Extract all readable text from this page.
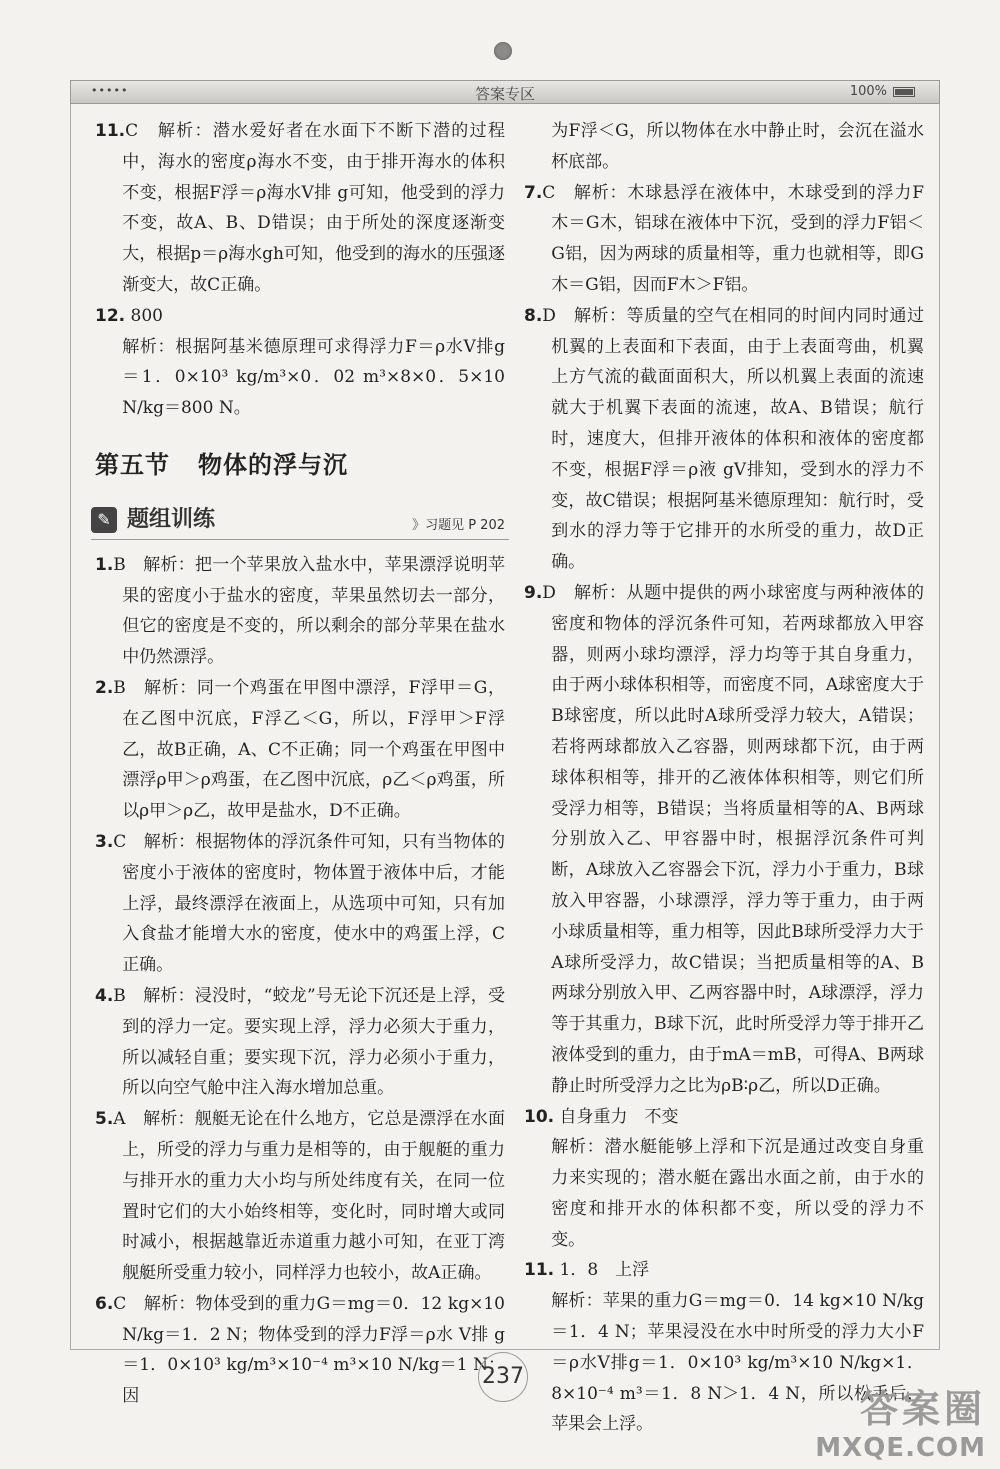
•••••	答案专区	100%

11.C　解析：潜水爱好者在水面下不断下潜的过程中，海水的密度ρ海水不变，由于排开海水的体积不变，根据F浮＝ρ海水V排 g可知，他受到的浮力不变，故A、B、D错误；由于所处的深度逐渐变大，根据p＝ρ海水gh可知，他受到的海水的压强逐渐变大，故C正确。

12. 800

解析：根据阿基米德原理可求得浮力F＝ρ水V排g＝1．0×10³ kg/m³×0．02 m³×8×0．5×10 N/kg＝800 N。

第五节 物体的浮与沉
✎ 题组训练	》习题见 P 202

1.B　解析：把一个苹果放入盐水中，苹果漂浮说明苹果的密度小于盐水的密度，苹果虽然切去一部分，但它的密度是不变的，所以剩余的部分苹果在盐水中仍然漂浮。

2.B　解析：同一个鸡蛋在甲图中漂浮，F浮甲＝G，在乙图中沉底，F浮乙＜G，所以，F浮甲＞F浮乙，故B正确，A、C不正确；同一个鸡蛋在甲图中漂浮ρ甲＞ρ鸡蛋，在乙图中沉底，ρ乙＜ρ鸡蛋，所以ρ甲＞ρ乙，故甲是盐水，D不正确。

3.C　解析：根据物体的浮沉条件可知，只有当物体的密度小于液体的密度时，物体置于液体中后，才能上浮，最终漂浮在液面上，从选项中可知，只有加入食盐才能增大水的密度，使水中的鸡蛋上浮，C正确。

4.B　解析：浸没时，“蛟龙”号无论下沉还是上浮，受到的浮力一定。要实现上浮，浮力必须大于重力，所以减轻自重；要实现下沉，浮力必须小于重力，所以向空气舱中注入海水增加总重。

5.A　解析：舰艇无论在什么地方，它总是漂浮在水面上，所受的浮力与重力是相等的，由于舰艇的重力与排开水的重力大小均与所处纬度有关，在同一位置时它们的大小始终相等，变化时，同时增大或同时减小，根据越靠近赤道重力越小可知，在亚丁湾舰艇所受重力较小，同样浮力也较小，故A正确。

6.C　解析：物体受到的重力G＝mg＝0．12 kg×10 N/kg＝1．2 N；物体受到的浮力F浮＝ρ水 V排 g＝1．0×10³ kg/m³×10⁻⁴ m³×10 N/kg＝1 N；因

为F浮＜G，所以物体在水中静止时，会沉在溢水杯底部。

7.C　解析：木球悬浮在液体中，木球受到的浮力F木＝G木，铝球在液体中下沉，受到的浮力F铝＜G铝，因为两球的质量相等，重力也就相等，即G木＝G铝，因而F木＞F铝。

8.D　解析：等质量的空气在相同的时间内同时通过机翼的上表面和下表面，由于上表面弯曲，机翼上方气流的截面面积大，所以机翼上表面的流速就大于机翼下表面的流速，故A、B错误；航行时，速度大，但排开液体的体积和液体的密度都不变，根据F浮＝ρ液 gV排知，受到水的浮力不变，故C错误；根据阿基米德原理知：航行时，受到水的浮力等于它排开的水所受的重力，故D正确。

9.D　解析：从题中提供的两小球密度与两种液体的密度和物体的浮沉条件可知，若两球都放入甲容器，则两小球均漂浮，浮力均等于其自身重力，由于两小球体积相等，而密度不同，A球密度大于B球密度，所以此时A球所受浮力较大，A错误；若将两球都放入乙容器，则两球都下沉，由于两球体积相等，排开的乙液体体积相等，则它们所受浮力相等，B错误；当将质量相等的A、B两球分别放入乙、甲容器中时，根据浮沉条件可判断，A球放入乙容器会下沉，浮力小于重力，B球放入甲容器，小球漂浮，浮力等于重力，由于两小球质量相等，重力相等，因此B球所受浮力大于A球所受浮力，故C错误；当把质量相等的A、B两球分别放入甲、乙两容器中时，A球漂浮，浮力等于其重力，B球下沉，此时所受浮力等于排开乙液体受到的重力，由于mA＝mB，可得A、B两球静止时所受浮力之比为ρB∶ρ乙，所以D正确。

10. 自身重力　不变

解析：潜水艇能够上浮和下沉是通过改变自身重力来实现的；潜水艇在露出水面之前，由于水的密度和排开水的体积都不变，所以受的浮力不变。

11. 1．8　上浮

解析：苹果的重力G＝mg＝0．14 kg×10 N/kg＝1．4 N；苹果浸没在水中时所受的浮力大小F＝ρ水V排g＝1．0×10³ kg/m³×10 N/kg×1．8×10⁻⁴ m³＝1．8 N＞1．4 N，所以松手后，苹果会上浮。

237
答案圈
MXQE.COM
